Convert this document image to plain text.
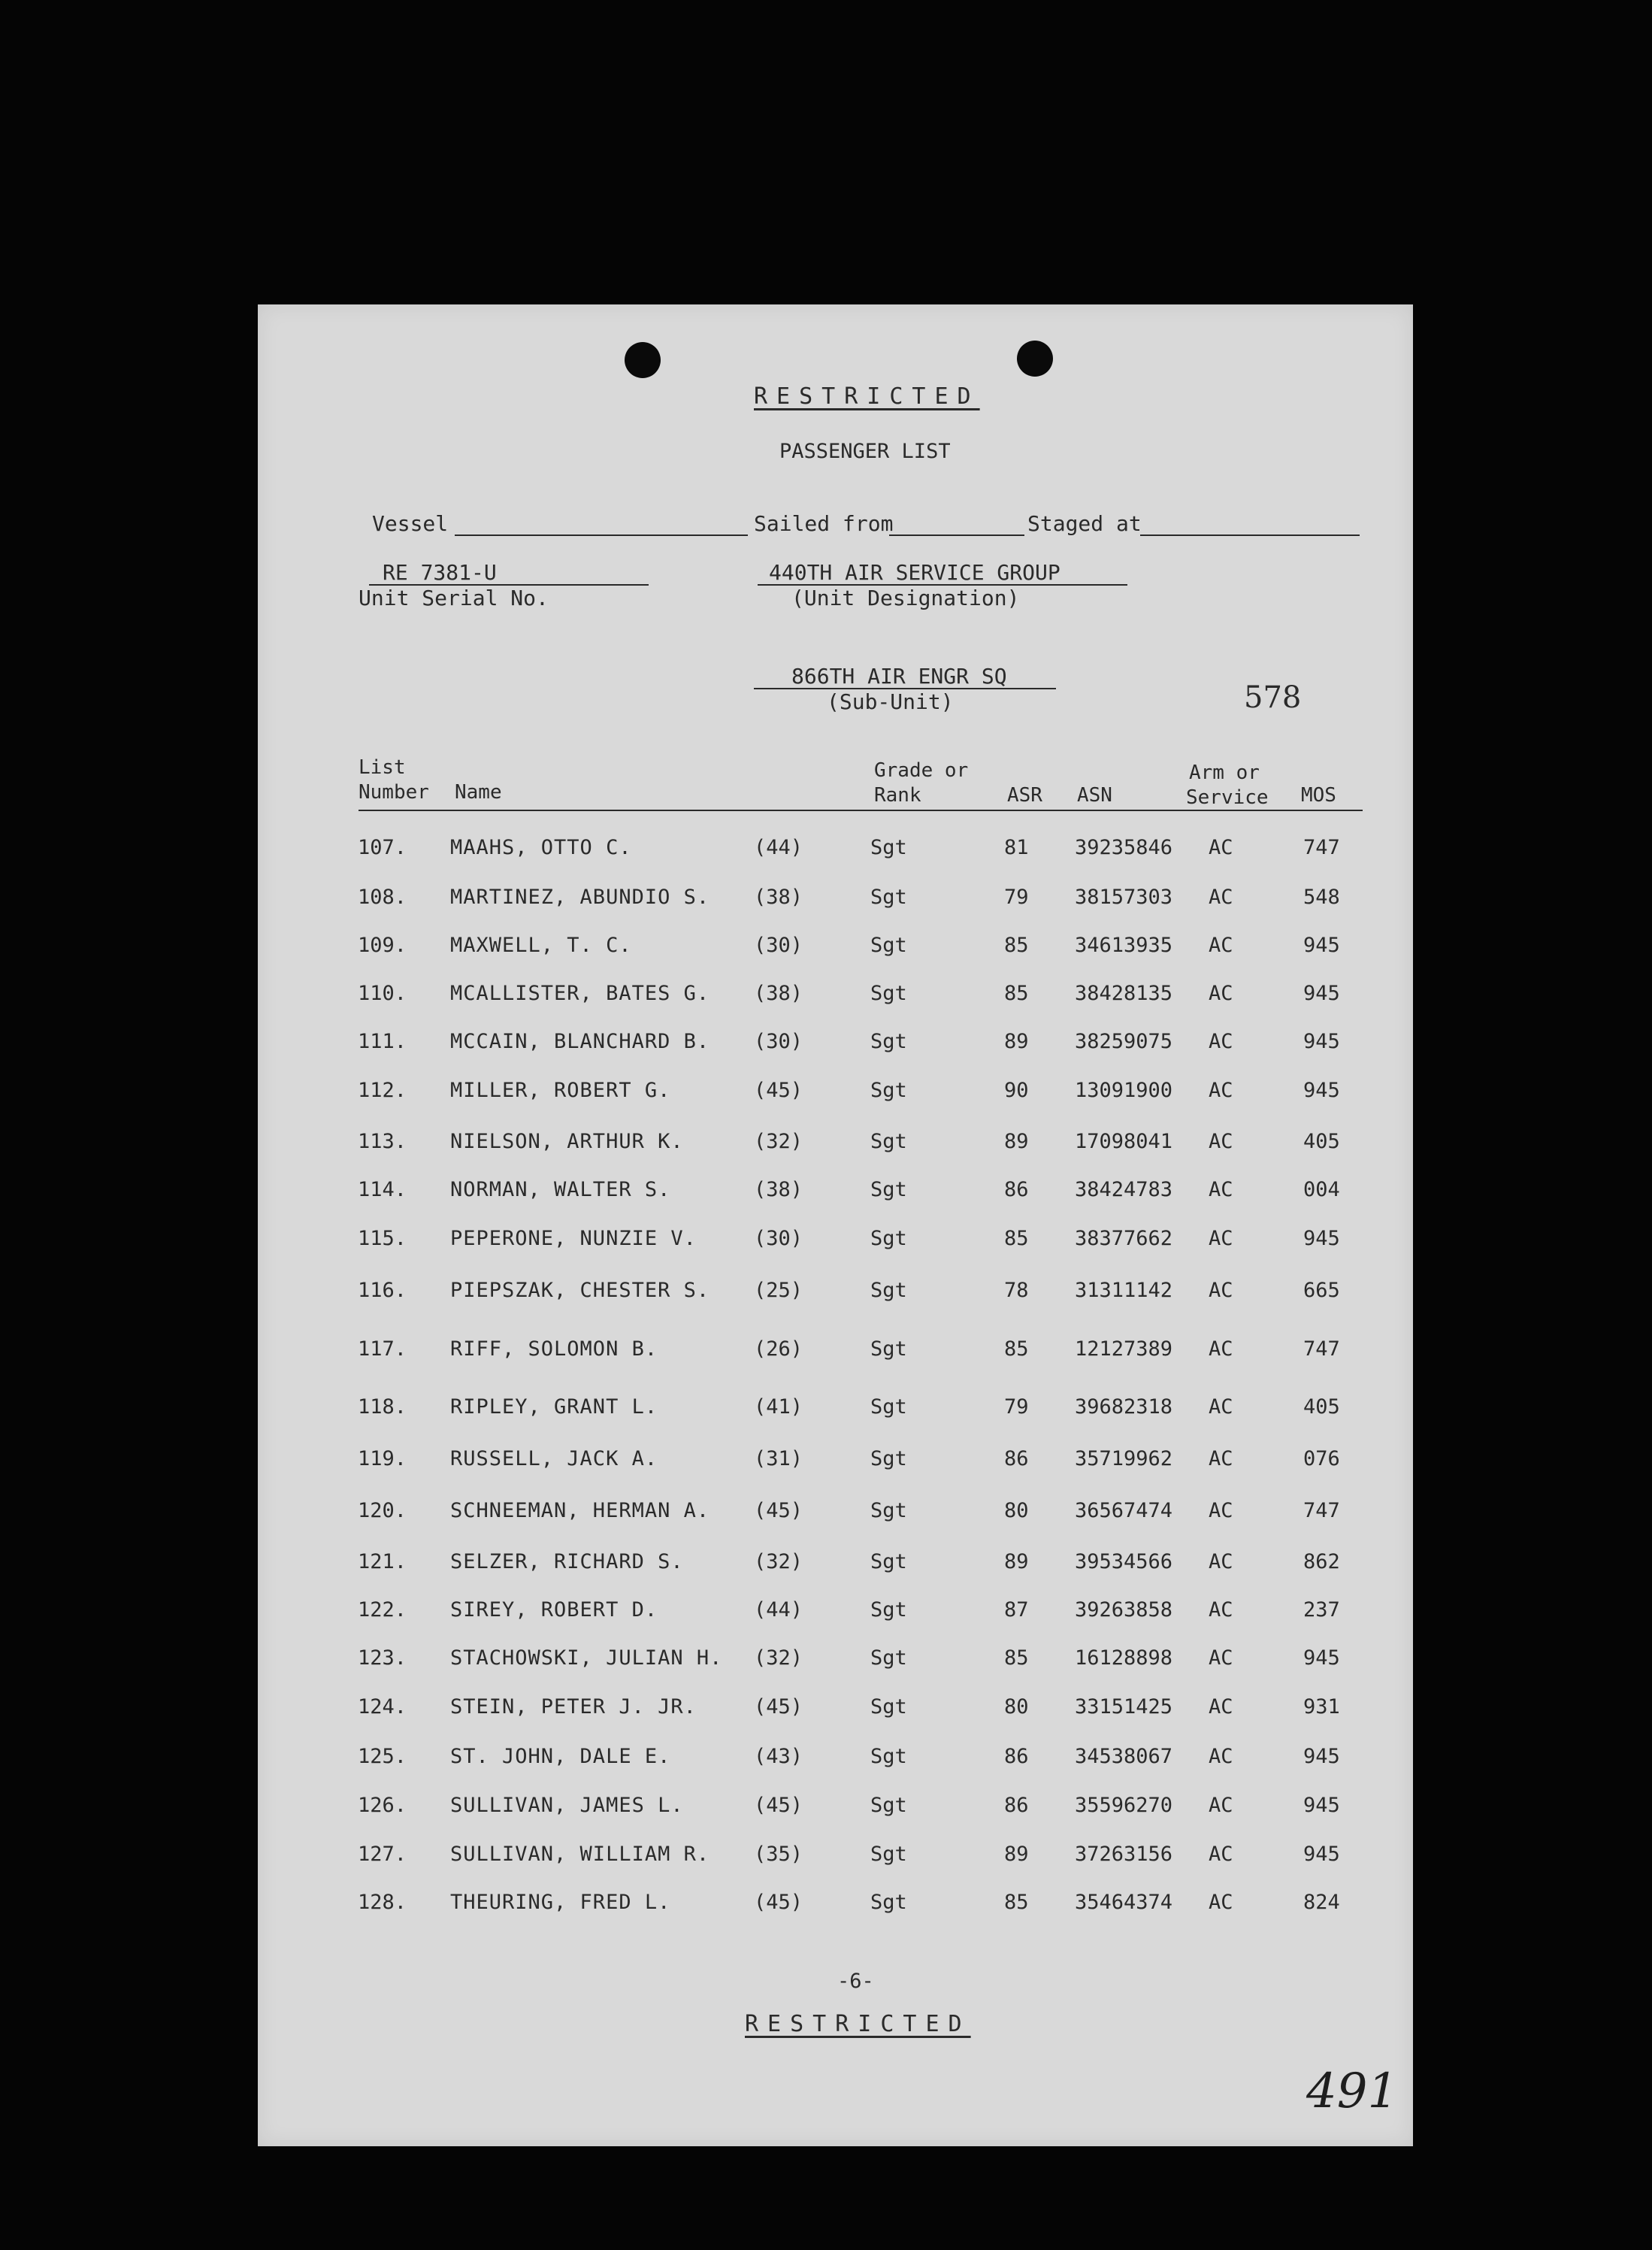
RESTRICTED
PASSENGER LIST
Vessel	Sailed from	Staged at
RE 7381-U
Unit Serial No.
440TH AIR SERVICE GROUP
(Unit Designation)
866TH AIR ENGR SQ
(Sub-Unit)	578
List
Number Name
Grade or
Rank	ASR ASN
Arm or
Service MOS
107. MAAHS, OTTO C.	(44)	Sgt	81 39235846 AC	747
108. MARTINEZ, ABUNDIO S. (38)	Sgt	79 38157303 AC	548
109. MAXWELL, T. C.	(30)	Sgt	85 34613935 AC	945
110. MCALLISTER, BATES G. (38)	Sgt	85 38428135 AC	945
111. MCCAIN, BLANCHARD B. (30)	Sgt	89 38259075 AC	945
112. MILLER, ROBERT G.	(45)	Sgt	90 13091900 AC	945
113. NIELSON, ARTHUR K.	(32)	Sgt	89 17098041 AC	405
114. NORMAN, WALTER S.	(38)	Sgt	86 38424783 AC	004
115. PEPERONE, NUNZIE V.	(30)	Sgt	85 38377662 AC	945
116. PIEPSZAK, CHESTER S. (25)	Sgt	78 31311142 AC	665
117. RIFF, SOLOMON B.	(26)	Sgt	85 12127389 AC	747
118. RIPLEY, GRANT L.	(41)	Sgt	79 39682318 AC	405
119. RUSSELL, JACK A.	(31)	Sgt	86 35719962 AC	076
120. SCHNEEMAN, HERMAN A. (45)	Sgt	80 36567474 AC	747
121. SELZER, RICHARD S.	(32)	Sgt	89 39534566 AC	862
122. SIREY, ROBERT D.	(44)	Sgt	87 39263858 AC	237
123. STACHOWSKI, JULIAN H. (32)	Sgt	85 16128898 AC	945
124. STEIN, PETER J. JR.	(45)	Sgt	80 33151425 AC	931
125. ST. JOHN, DALE E.	(43)	Sgt	86 34538067 AC	945
126. SULLIVAN, JAMES L.	(45)	Sgt	86 35596270 AC	945
127. SULLIVAN, WILLIAM R. (35)	Sgt	89 37263156 AC	945
128. THEURING, FRED L.	(45)	Sgt	85 35464374 AC	824
-6-
RESTRICTED
491
